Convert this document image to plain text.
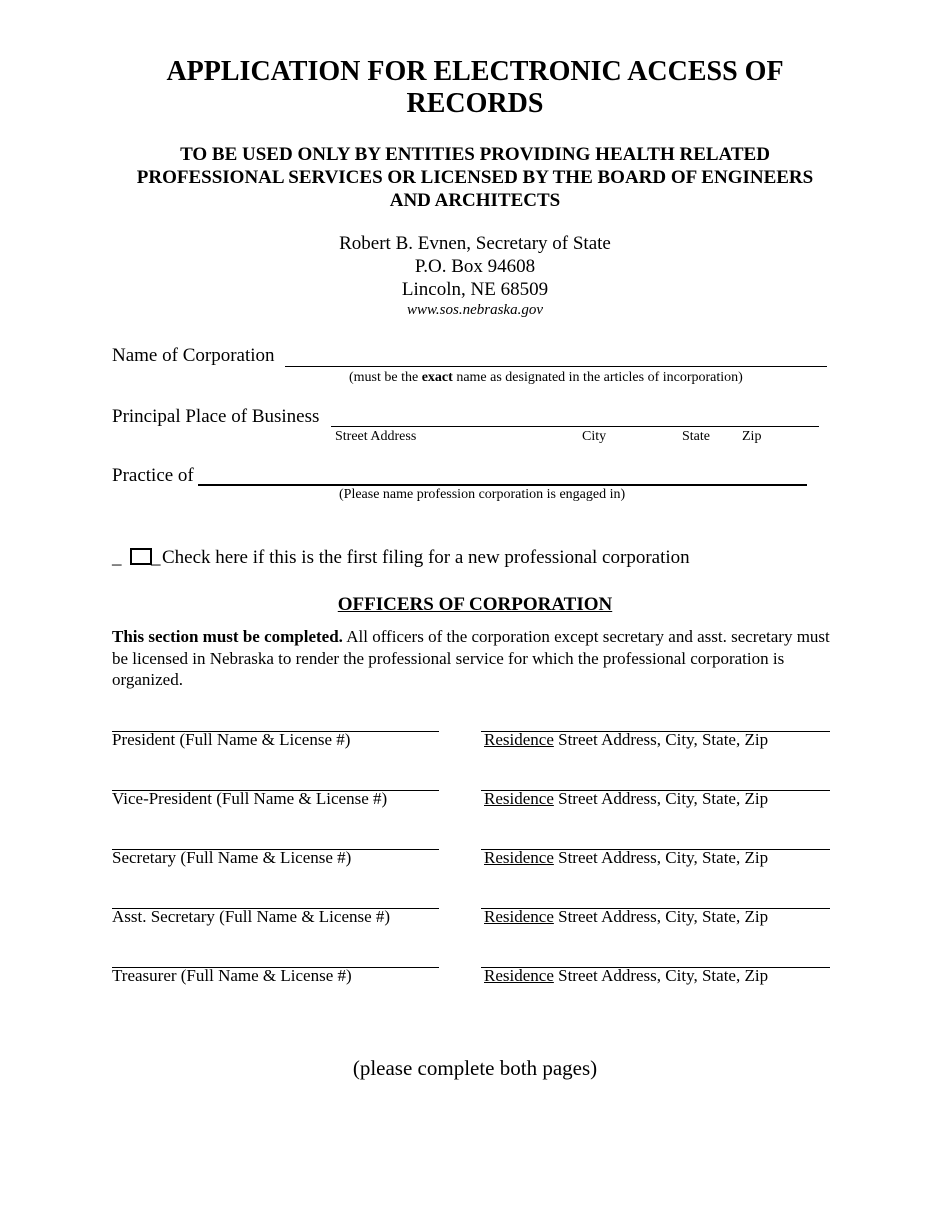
APPLICATION FOR ELECTRONIC ACCESS OF
RECORDS
TO BE USED ONLY BY ENTITIES PROVIDING HEALTH RELATED
PROFESSIONAL SERVICES OR LICENSED BY THE BOARD OF ENGINEERS
AND ARCHITECTS
Robert B. Evnen, Secretary of State
P.O. Box 94608
Lincoln, NE 68509
www.sos.nebraska.gov
Name of Corporation
(must be the exact name as designated in the articles of incorporation)
Principal Place of Business
Street Address	City	State Zip
Practice of
(Please name profession corporation is engaged in)
_ _ Check here if this is the first filing for a new professional corporation
OFFICERS OF CORPORATION
This section must be completed. All officers of the corporation except secretary and asst. secretary must be licensed in Nebraska to render the professional service for which the professional corporation is organized.
President (Full Name & License #)	Residence Street Address, City, State, Zip
Vice-President (Full Name & License #)	Residence Street Address, City, State, Zip
Secretary (Full Name & License #)	Residence Street Address, City, State, Zip
Asst. Secretary (Full Name & License #)	Residence Street Address, City, State, Zip
Treasurer (Full Name & License #)	Residence Street Address, City, State, Zip
(please complete both pages)
